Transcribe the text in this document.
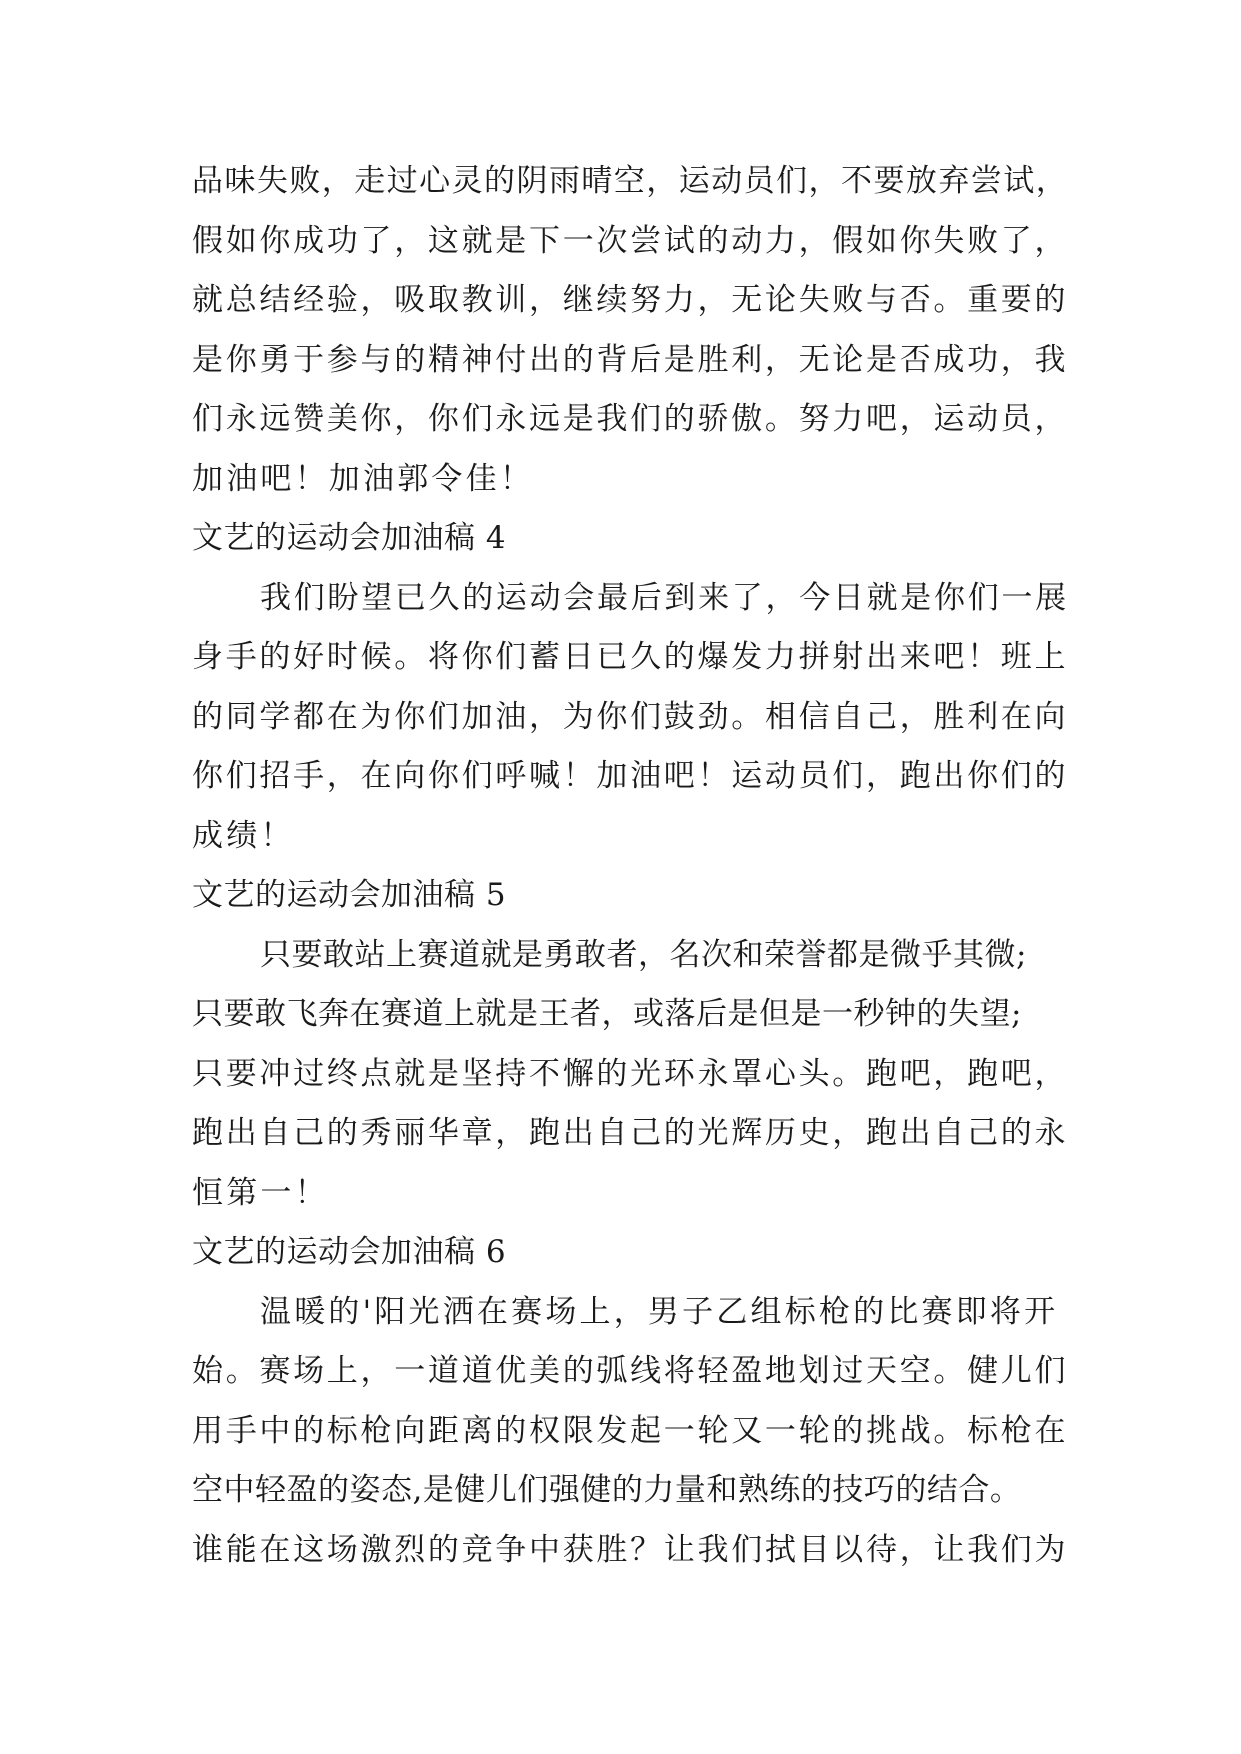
品味失败，走过心灵的阴雨晴空，运动员们，不要放弃尝试，
假如你成功了，这就是下一次尝试的动力，假如你失败了，
就总结经验，吸取教训，继续努力，无论失败与否。重要的
是你勇于参与的精神付出的背后是胜利，无论是否成功，我
们永远赞美你，你们永远是我们的骄傲。努力吧，运动员，
加油吧！加油郭令佳！
文艺的运动会加油稿 4
我们盼望已久的运动会最后到来了，今日就是你们一展
身手的好时候。将你们蓄日已久的爆发力拼射出来吧！班上
的同学都在为你们加油，为你们鼓劲。相信自己，胜利在向
你们招手，在向你们呼喊！加油吧！运动员们，跑出你们的
成绩！
文艺的运动会加油稿 5
只要敢站上赛道就是勇敢者，名次和荣誉都是微乎其微;
只要敢飞奔在赛道上就是王者，或落后是但是一秒钟的失望;
只要冲过终点就是坚持不懈的光环永罩心头。跑吧，跑吧，
跑出自己的秀丽华章，跑出自己的光辉历史，跑出自己的永
恒第一！
文艺的运动会加油稿 6
温暖的'阳光洒在赛场上，男子乙组标枪的比赛即将开
始。赛场上，一道道优美的弧线将轻盈地划过天空。健儿们
用手中的标枪向距离的权限发起一轮又一轮的挑战。标枪在
空中轻盈的姿态,是健儿们强健的力量和熟练的技巧的结合。
谁能在这场激烈的竞争中获胜？让我们拭目以待，让我们为
